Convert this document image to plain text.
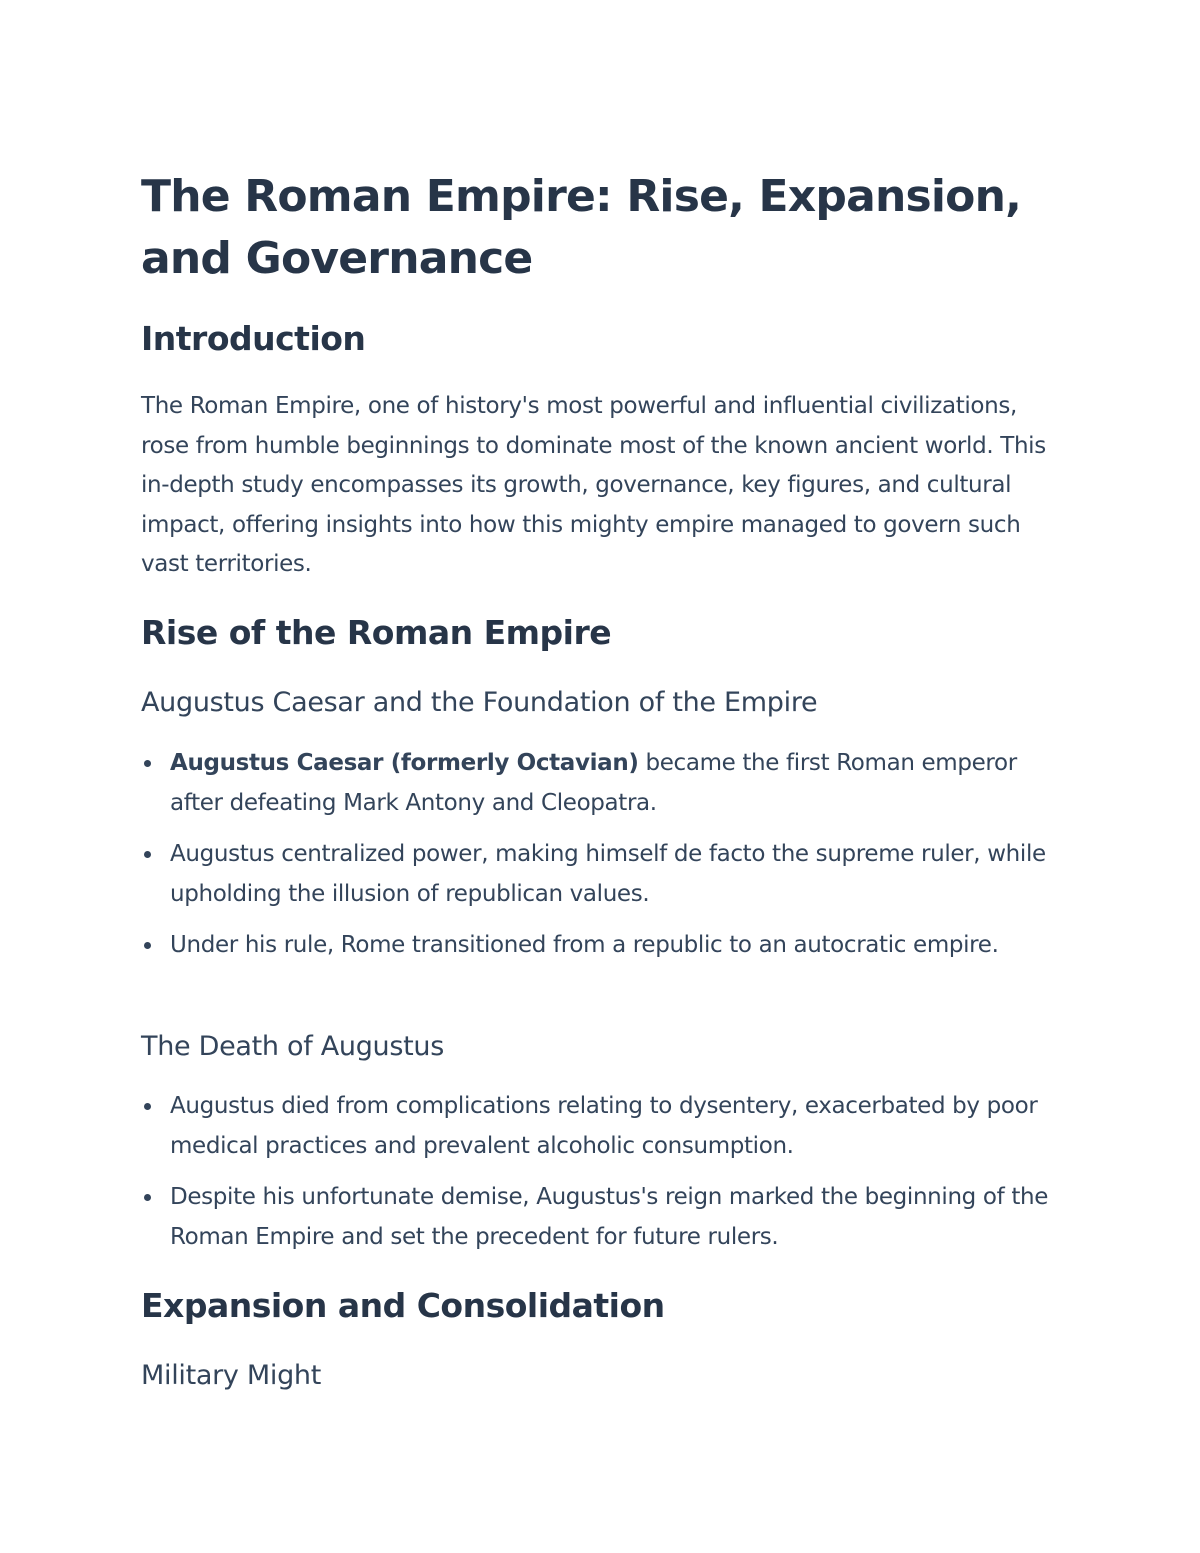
The Roman Empire: Rise, Expansion, and Governance
Introduction

The Roman Empire, one of history's most powerful and influential civilizations, rose from humble beginnings to dominate most of the known ancient world. This in-depth study encompasses its growth, governance, key figures, and cultural impact, offering insights into how this mighty empire managed to govern such vast territories.

Rise of the Roman Empire
Augustus Caesar and the Foundation of the Empire
Augustus Caesar (formerly Octavian) became the first Roman emperor after defeating Mark Antony and Cleopatra.
Augustus centralized power, making himself de facto the supreme ruler, while upholding the illusion of republican values.
Under his rule, Rome transitioned from a republic to an autocratic empire.
The Death of Augustus
Augustus died from complications relating to dysentery, exacerbated by poor medical practices and prevalent alcoholic consumption.
Despite his unfortunate demise, Augustus's reign marked the beginning of the Roman Empire and set the precedent for future rulers.
Expansion and Consolidation
Military Might
